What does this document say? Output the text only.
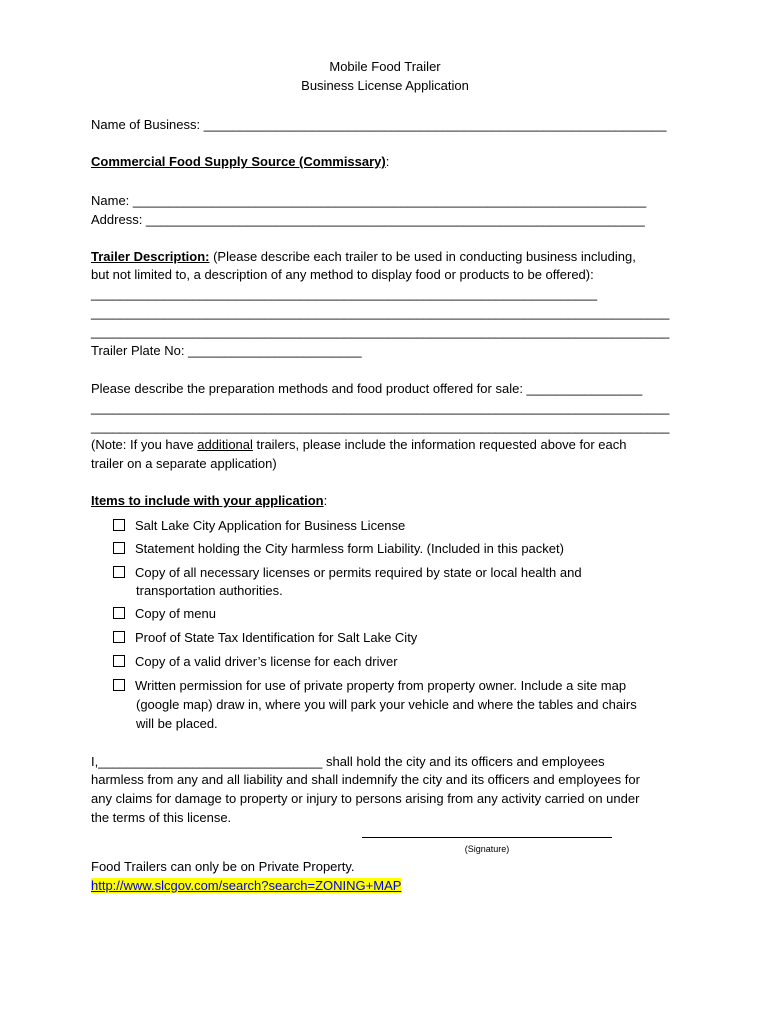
Mobile Food Trailer
Business License Application
Name of Business: ________________________________________________________________
Commercial Food Supply Source (Commissary):
Name: _______________________________________________________________________
Address: _____________________________________________________________________
Trailer Description: (Please describe each trailer to be used in conducting business including,
but not limited to, a description of any method to display food or products to be offered):
______________________________________________________________________
________________________________________________________________________________
________________________________________________________________________________
Trailer Plate No: ________________________
Please describe the preparation methods and food product offered for sale: ________________
________________________________________________________________________________
________________________________________________________________________________
(Note: If you have additional trailers, please include the information requested above for each
trailer on a separate application)
Items to include with your application:
Salt Lake City Application for Business License
Statement holding the City harmless form Liability. (Included in this packet)
Copy of all necessary licenses or permits required by state or local health and
transportation authorities.
Copy of menu
Proof of State Tax Identification for Salt Lake City
Copy of a valid driver’s license for each driver
Written permission for use of private property from property owner. Include a site map
(google map) draw in, where you will park your vehicle and where the tables and chairs
will be placed.
I,_______________________________ shall hold the city and its officers and employees
harmless from any and all liability and shall indemnify the city and its officers and employees for
any claims for damage to property or injury to persons arising from any activity carried on under
the terms of this license.
(Signature)
Food Trailers can only be on Private Property.
http://www.slcgov.com/search?search=ZONING+MAP
